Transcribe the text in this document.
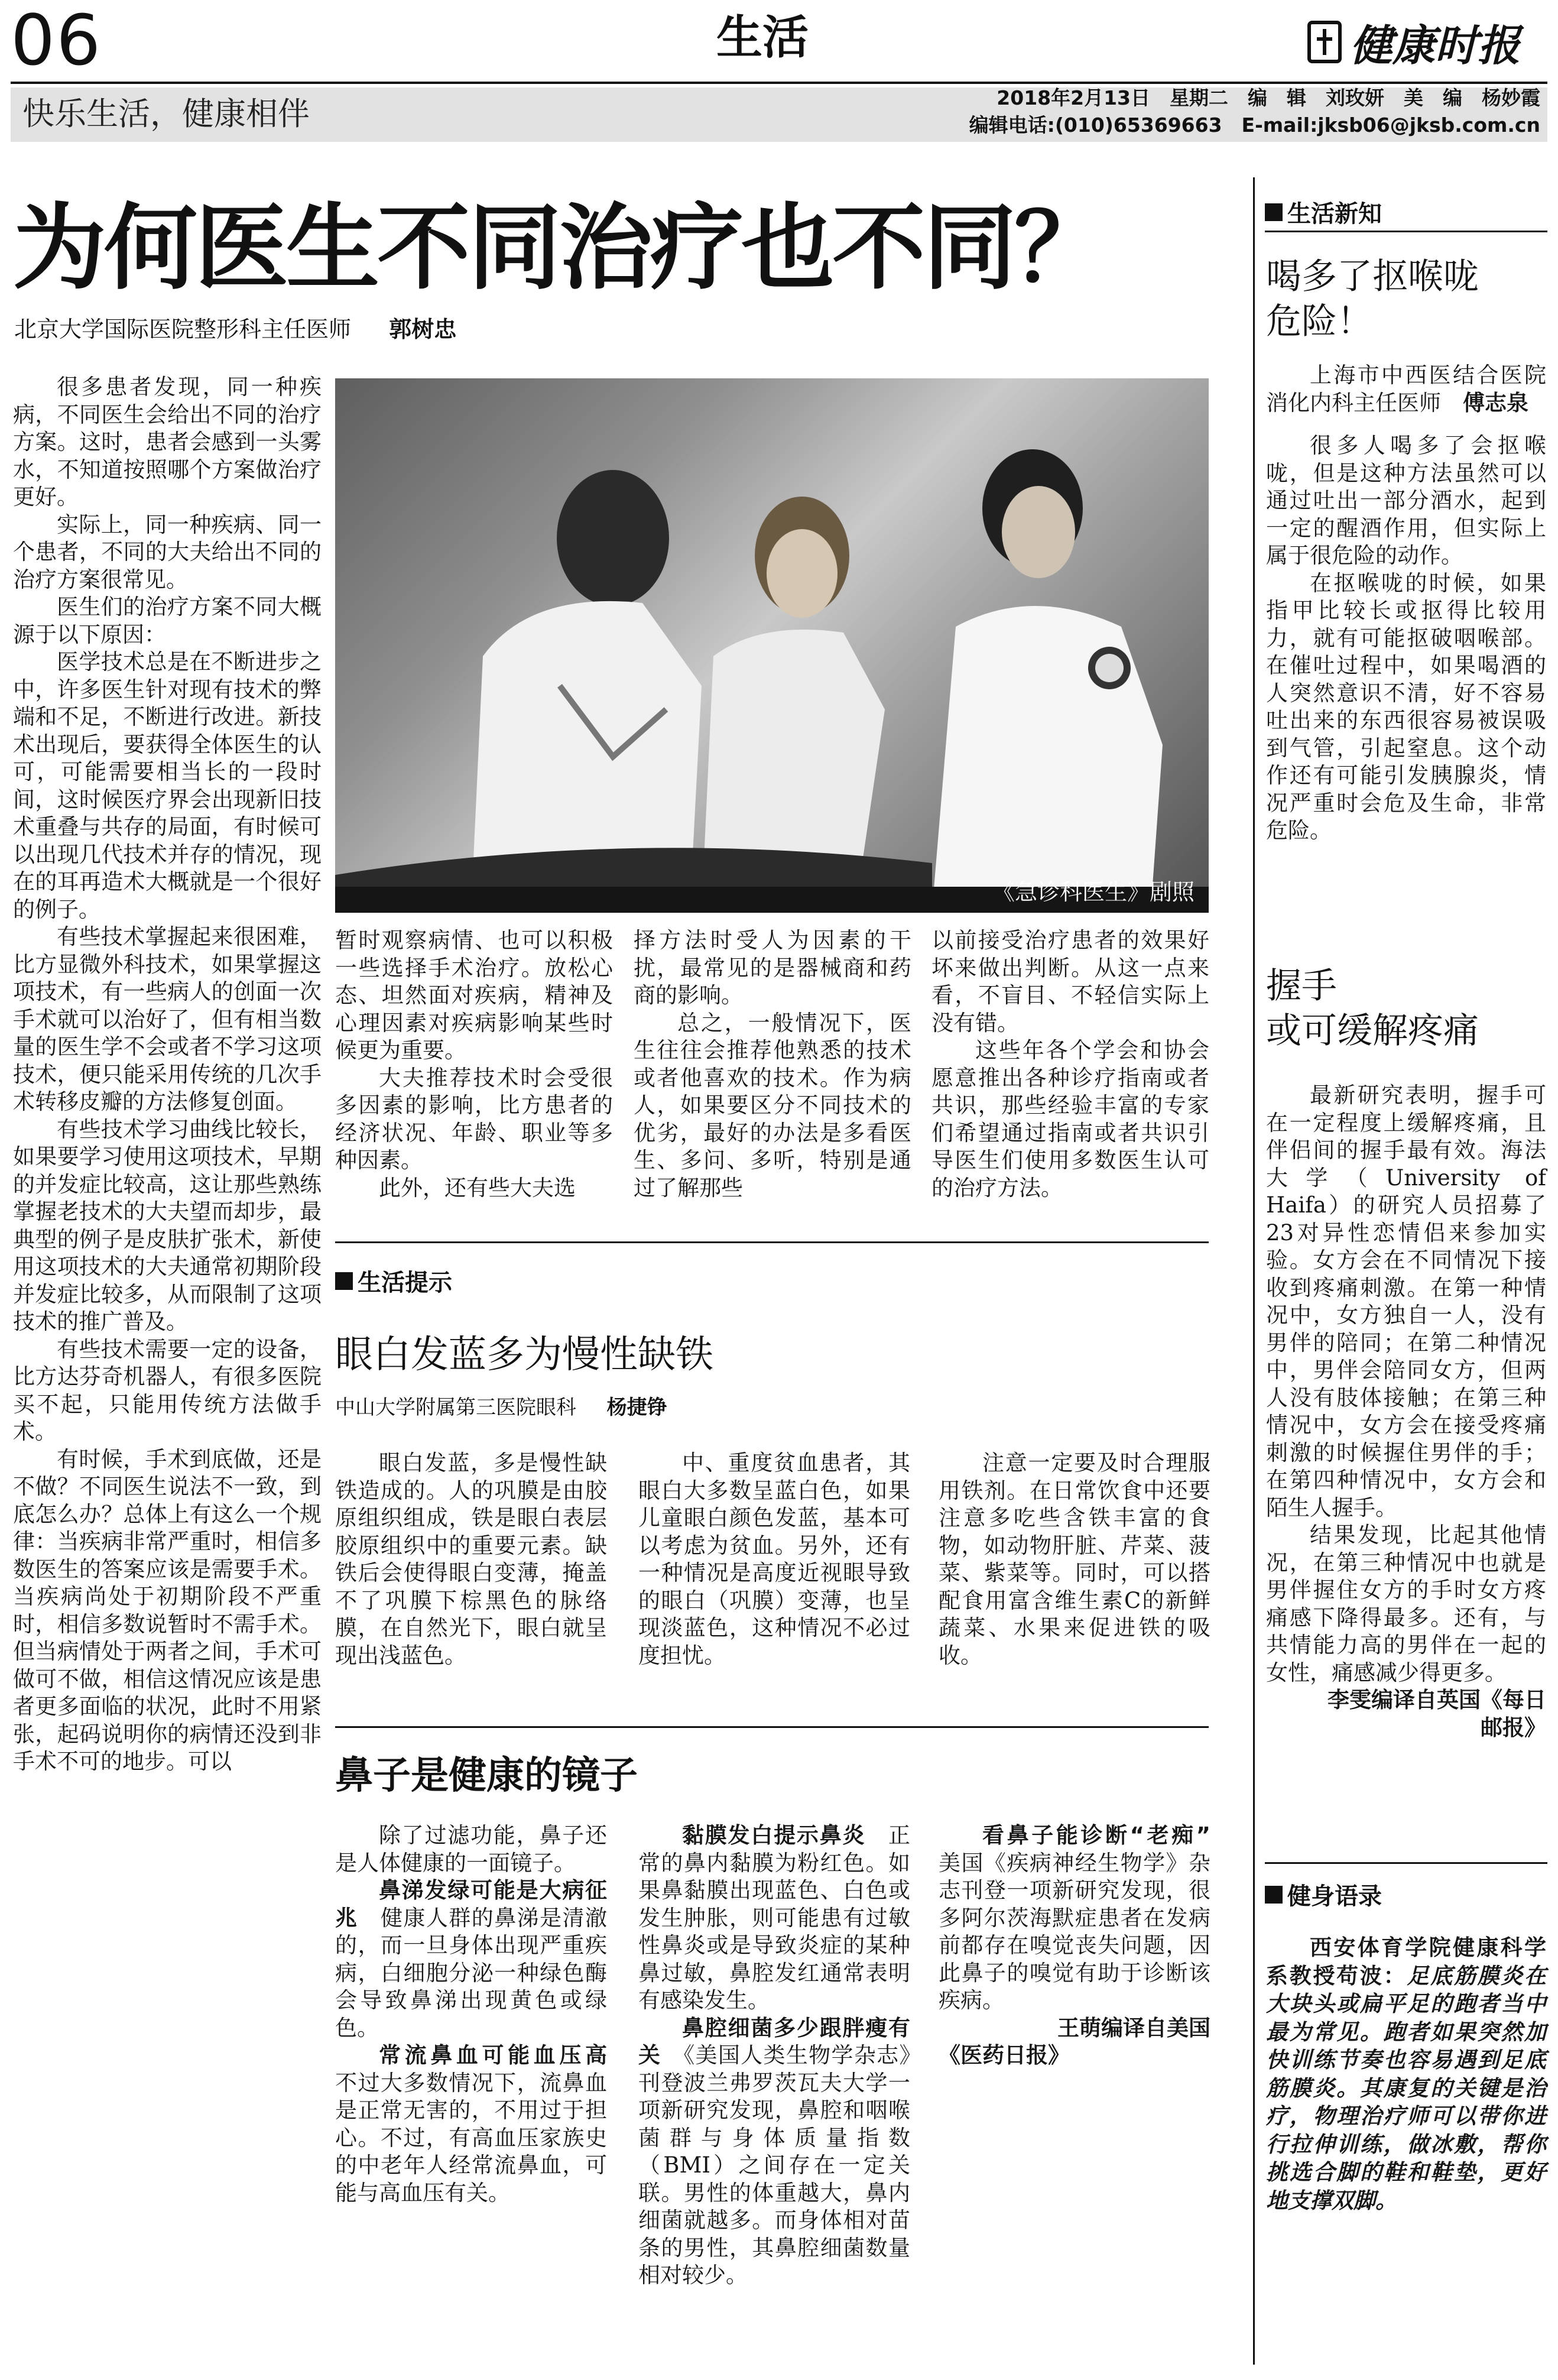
06	生活	健康时报
快乐生活，健康相伴	2018年2月13日　星期二　编　辑　刘玫妍　美　编　杨妙霞
编辑电话:(010)65369663　E-mail:jksb06@jksb.com.cn
为何医生不同治疗也不同？
北京大学国际医院整形科主任医师 郭树忠

很多患者发现，同一种疾病，不同医生会给出不同的治疗方案。这时，患者会感到一头雾水，不知道按照哪个方案做治疗更好。

实际上，同一种疾病、同一个患者，不同的大夫给出不同的治疗方案很常见。

医生们的治疗方案不同大概源于以下原因：

医学技术总是在不断进步之中，许多医生针对现有技术的弊端和不足，不断进行改进。新技术出现后，要获得全体医生的认可，可能需要相当长的一段时间，这时候医疗界会出现新旧技术重叠与共存的局面，有时候可以出现几代技术并存的情况，现在的耳再造术大概就是一个很好的例子。

有些技术掌握起来很困难，比方显微外科技术，如果掌握这项技术，有一些病人的创面一次手术就可以治好了，但有相当数量的医生学不会或者不学习这项技术，便只能采用传统的几次手术转移皮瓣的方法修复创面。

有些技术学习曲线比较长，如果要学习使用这项技术，早期的并发症比较高，这让那些熟练掌握老技术的大夫望而却步，最典型的例子是皮肤扩张术，新使用这项技术的大夫通常初期阶段并发症比较多，从而限制了这项技术的推广普及。

有些技术需要一定的设备，比方达芬奇机器人，有很多医院买不起，只能用传统方法做手术。

有时候，手术到底做，还是不做？不同医生说法不一致，到底怎么办？总体上有这么一个规律：当疾病非常严重时，相信多数医生的答案应该是需要手术。当疾病尚处于初期阶段不严重时，相信多数说暂时不需手术。但当病情处于两者之间，手术可做可不做，相信这情况应该是患者更多面临的状况，此时不用紧张，起码说明你的病情还没到非手术不可的地步。可以

《急诊科医生》剧照

暂时观察病情、也可以积极一些选择手术治疗。放松心态、坦然面对疾病，精神及心理因素对疾病影响某些时候更为重要。

大夫推荐技术时会受很多因素的影响，比方患者的经济状况、年龄、职业等多种因素。

此外，还有些大夫选

择方法时受人为因素的干扰，最常见的是器械商和药商的影响。

总之，一般情况下，医生往往会推荐他熟悉的技术或者他喜欢的技术。作为病人，如果要区分不同技术的优劣，最好的办法是多看医生、多问、多听，特别是通过了解那些

以前接受治疗患者的效果好坏来做出判断。从这一点来看，不盲目、不轻信实际上没有错。

这些年各个学会和协会愿意推出各种诊疗指南或者共识，那些经验丰富的专家们希望通过指南或者共识引导医生们使用多数医生认可的治疗方法。

生活提示
眼白发蓝多为慢性缺铁
中山大学附属第三医院眼科 杨捷铮

眼白发蓝，多是慢性缺铁造成的。人的巩膜是由胶原组织组成，铁是眼白表层胶原组织中的重要元素。缺铁后会使得眼白变薄，掩盖不了巩膜下棕黑色的脉络膜，在自然光下，眼白就呈现出浅蓝色。

中、重度贫血患者，其眼白大多数呈蓝白色，如果儿童眼白颜色发蓝，基本可以考虑为贫血。另外，还有一种情况是高度近视眼导致的眼白（巩膜）变薄，也呈现淡蓝色，这种情况不必过度担忧。

注意一定要及时合理服用铁剂。在日常饮食中还要注意多吃些含铁丰富的食物，如动物肝脏、芹菜、菠菜、紫菜等。同时，可以搭配食用富含维生素C的新鲜蔬菜、水果来促进铁的吸收。

鼻子是健康的镜子

除了过滤功能，鼻子还是人体健康的一面镜子。

鼻涕发绿可能是大病征兆　 健康人群的鼻涕是清澈的，而一旦身体出现严重疾病，白细胞分泌一种绿色酶会导致鼻涕出现黄色或绿色。

常流鼻血可能血压高　不过大多数情况下，流鼻血是正常无害的，不用过于担心。不过，有高血压家族史的中老年人经常流鼻血，可能与高血压有关。

黏膜发白提示鼻炎　 正常的鼻内黏膜为粉红色。如果鼻黏膜出现蓝色、白色或发生肿胀，则可能患有过敏性鼻炎或是导致炎症的某种鼻过敏，鼻腔发红通常表明有感染发生。

鼻腔细菌多少跟胖瘦有关　 《美国人类生物学杂志》刊登波兰弗罗茨瓦夫大学一项新研究发现，鼻腔和咽喉菌群与身体质量指数（BMI）之间存在一定关联。男性的体重越大，鼻内细菌就越多。而身体相对苗条的男性，其鼻腔细菌数量相对较少。

看鼻子能诊断“老痴”　美国《疾病神经生物学》杂志刊登一项新研究发现，很多阿尔茨海默症患者在发病前都存在嗅觉丧失问题，因此鼻子的嗅觉有助于诊断该疾病。

王萌编译自美国

《医药日报》

生活新知
喝多了抠喉咙
危险！

上海市中西医结合医院消化内科主任医师　 傅志泉

很多人喝多了会抠喉咙，但是这种方法虽然可以通过吐出一部分酒水，起到一定的醒酒作用，但实际上属于很危险的动作。

在抠喉咙的时候，如果指甲比较长或抠得比较用力，就有可能抠破咽喉部。在催吐过程中，如果喝酒的人突然意识不清，好不容易吐出来的东西很容易被误吸到气管，引起窒息。这个动作还有可能引发胰腺炎，情况严重时会危及生命，非常危险。

握手
或可缓解疼痛

最新研究表明，握手可在一定程度上缓解疼痛，且伴侣间的握手最有效。海法大学（University of Haifa）的研究人员招募了23对异性恋情侣来参加实验。女方会在不同情况下接收到疼痛刺激。在第一种情况中，女方独自一人，没有男伴的陪同；在第二种情况中，男伴会陪同女方，但两人没有肢体接触；在第三种情况中，女方会在接受疼痛刺激的时候握住男伴的手；在第四种情况中，女方会和陌生人握手。

结果发现，比起其他情况，在第三种情况中也就是男伴握住女方的手时女方疼痛感下降得最多。还有，与共情能力高的男伴在一起的女性，痛感减少得更多。

李雯编译自英国《每日邮报》

健身语录

西安体育学院健康科学系教授苟波：足底筋膜炎在大块头或扁平足的跑者当中最为常见。跑者如果突然加快训练节奏也容易遇到足底筋膜炎。其康复的关键是治疗，物理治疗师可以带你进行拉伸训练，做冰敷，帮你挑选合脚的鞋和鞋垫，更好地支撑双脚。
